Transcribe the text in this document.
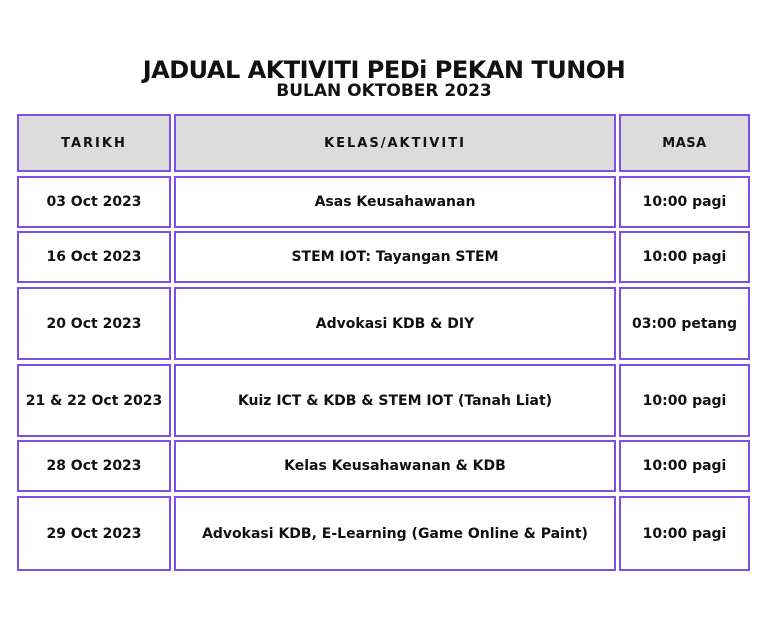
JADUAL AKTIVITI PEDi PEKAN TUNOH
BULAN OKTOBER 2023
TARIKH	KELAS/AKTIVITI	MASA
03 Oct 2023	Asas Keusahawanan	10:00 pagi
16 Oct 2023	STEM IOT: Tayangan STEM	10:00 pagi
20 Oct 2023	Advokasi KDB & DIY	03:00 petang
21 & 22 Oct 2023	Kuiz ICT & KDB & STEM IOT (Tanah Liat)	10:00 pagi
28 Oct 2023	Kelas Keusahawanan & KDB	10:00 pagi
29 Oct 2023	Advokasi KDB, E-Learning (Game Online & Paint)	10:00 pagi
